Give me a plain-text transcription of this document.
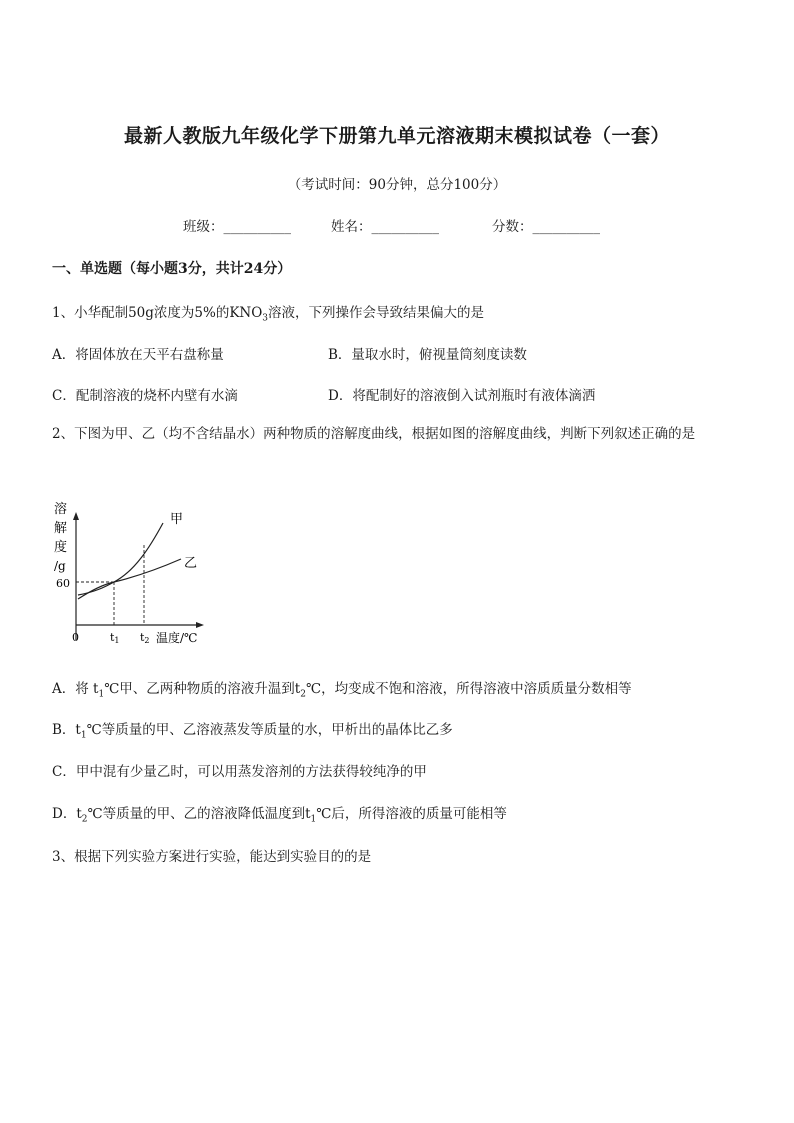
最新人教版九年级化学下册第九单元溶液期末模拟试卷（一套）
（考试时间：90分钟，总分100分）
班级：__________	姓名：__________	分数：__________
一、单选题（每小题3分，共计24分）
1、小华配制50g浓度为5%的$KNO_3$溶液，下列操作会导致结果偏大的是
A．将固体放在天平右盘称量	B．量取水时，俯视量筒刻度读数
C．配制溶液的烧杯内壁有水滴	D．将配制好的溶液倒入试剂瓶时有液体滴洒
2、下图为甲、乙（均不含结晶水）两种物质的溶解度曲线，根据如图的溶解度曲线，判断下列叙述正确的是
溶
解
度
/g
60
0	t1 t2 温度/℃
甲
乙
A．将 $t_1℃$甲、乙两种物质的溶液升温到$t_2℃$，均变成不饱和溶液，所得溶液中溶质质量分数相等
B．$t_1℃$等质量的甲、乙溶液蒸发等质量的水，甲析出的晶体比乙多
C．甲中混有少量乙时，可以用蒸发溶剂的方法获得较纯净的甲
D．$t_2℃$等质量的甲、乙的溶液降低温度到$t_1℃$后，所得溶液的质量可能相等
3、根据下列实验方案进行实验，能达到实验目的的是
